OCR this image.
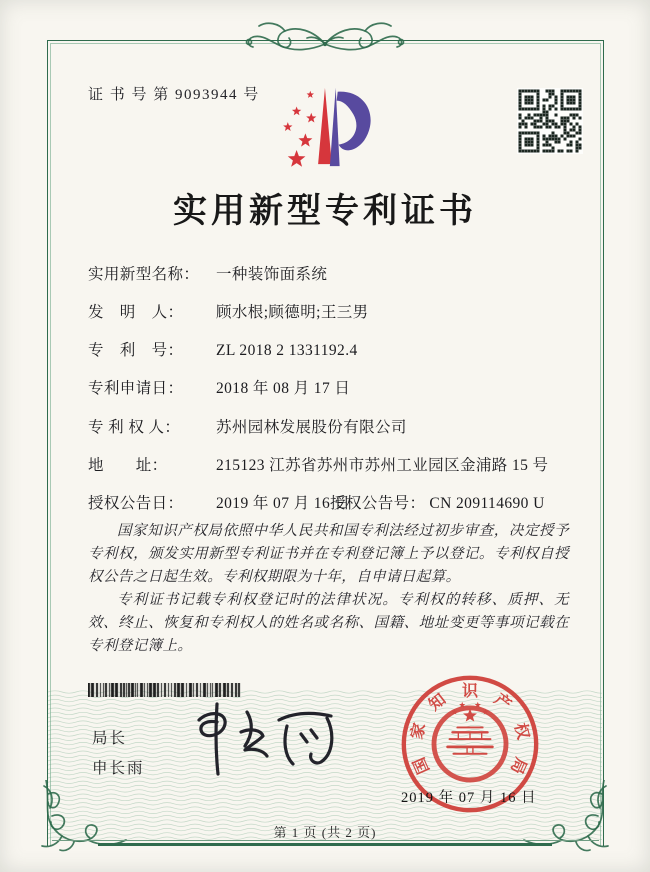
证 书 号 第 9093944 号
实用新型专利证书
实用新型名称： 一种装饰面系统
发　明　人： 顾水根;顾德明;王三男
专　利　号： ZL 2018 2 1331192.4
专利申请日： 2018 年 08 月 17 日
专 利 权 人： 苏州园林发展股份有限公司
地　　址：	215123 江苏省苏州市苏州工业园区金浦路 15 号
授权公告日： 2019 年 07 月 16 日
授权公告号： CN 209114690 U

国家知识产权局依照中华人民共和国专利法经过初步审查，决定授予专利权，颁发实用新型专利证书并在专利登记簿上予以登记。专利权自授权公告之日起生效。专利权期限为十年，自申请日起算。

专利证书记载专利权登记时的法律状况。专利权的转移、质押、无效、终止、恢复和专利权人的姓名或名称、国籍、地址变更等事项记载在专利登记簿上。

局长
申长雨	国
家
知 识 产
权
局
2019 年 07 月 16 日
第 1 页 (共 2 页)
